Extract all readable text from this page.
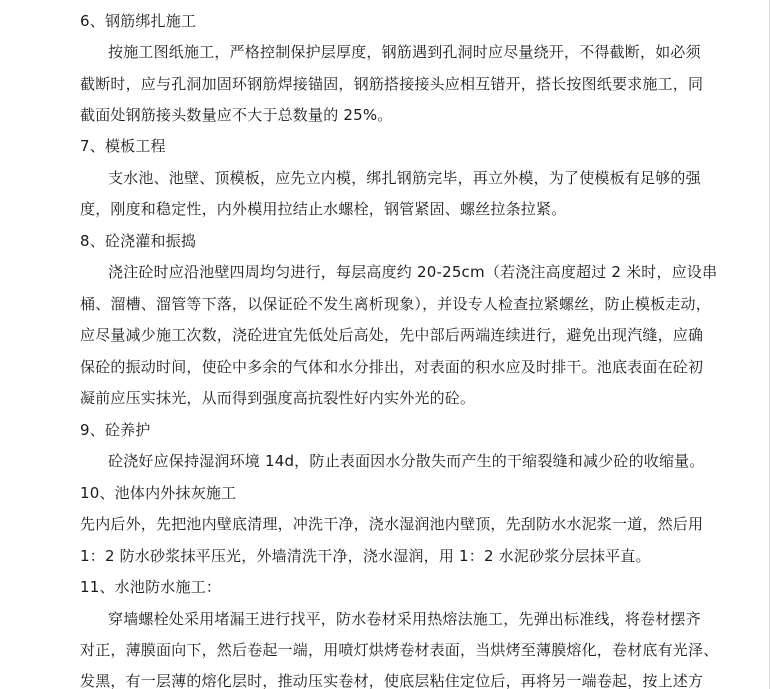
6、钢筋绑扎施工
按施工图纸施工，严格控制保护层厚度，钢筋遇到孔洞时应尽量绕开，不得截断，如必须
截断时，应与孔洞加固环钢筋焊接锚固，钢筋搭接接头应相互错开，搭长按图纸要求施工，同
截面处钢筋接头数量应不大于总数量的 25%。
7、模板工程
支水池、池壁、顶模板，应先立内模，绑扎钢筋完毕，再立外模，为了使模板有足够的强
度，刚度和稳定性，内外模用拉结止水螺栓，钢管紧固、螺丝拉条拉紧。
8、砼浇灌和振捣
浇注砼时应沿池壁四周均匀进行，每层高度约 20-25cm（若浇注高度超过 2 米时，应设串
桶、溜槽、溜管等下落，以保证砼不发生离析现象），并设专人检查拉紧螺丝，防止模板走动，
应尽量减少施工次数，浇砼进宜先低处后高处，先中部后两端连续进行，避免出现汽缝，应确
保砼的振动时间，使砼中多余的气体和水分排出，对表面的积水应及时排干。池底表面在砼初
凝前应压实抹光，从而得到强度高抗裂性好内实外光的砼。
9、砼养护
砼浇好应保持湿润环境 14d，防止表面因水分散失而产生的干缩裂缝和减少砼的收缩量。
10、池体内外抹灰施工
先内后外，先把池内壁底清理，冲洗干净，浇水湿润池内壁顶，先刮防水水泥浆一道，然后用
1：2 防水砂浆抹平压光，外墙清洗干净，浇水湿润，用 1：2 水泥砂浆分层抹平直。
11、水池防水施工：
穿墙螺栓处采用堵漏王进行找平，防水卷材采用热熔法施工，先弹出标准线，将卷材摆齐
对正，薄膜面向下，然后卷起一端，用喷灯烘烤卷材表面，当烘烤至薄膜熔化，卷材底有光泽、
发黑，有一层薄的熔化层时，推动压实卷材，使底层粘住定位后，再将另一端卷起，按上述方
